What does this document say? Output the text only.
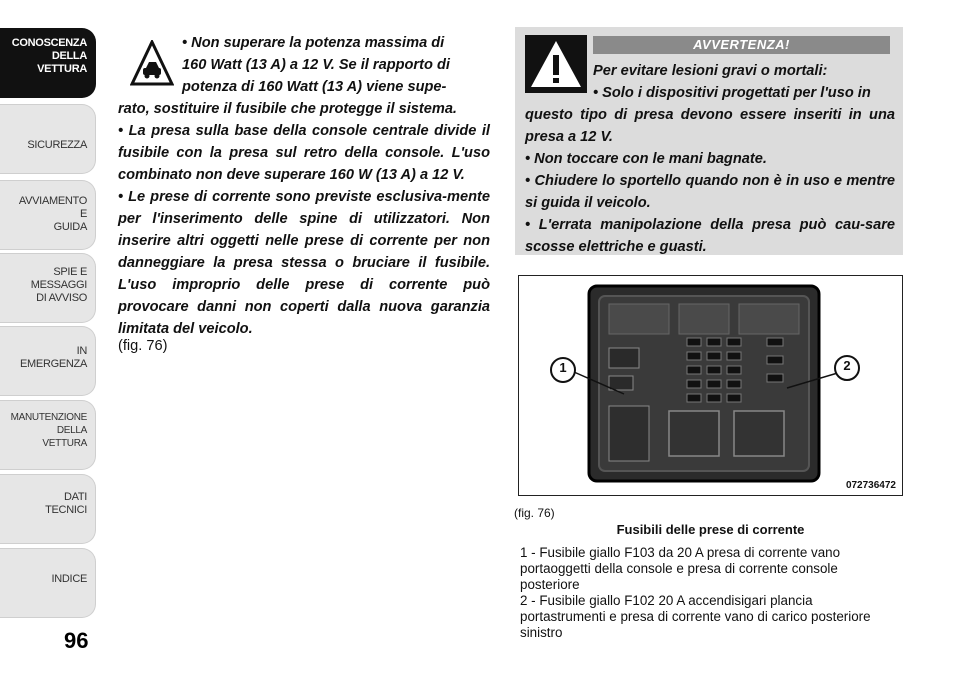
CONOSCENZA
DELLA
VETTURA
SICUREZZA
AVVIAMENTO
E
GUIDA
SPIE E
MESSAGGI
DI AVVISO
IN
EMERGENZA
MANUTENZIONE
DELLA
VETTURA
DATI
TECNICI
INDICE
96

• Non superare la potenza massima di
160 Watt (13 A) a 12 V. Se il rapporto di
potenza di 160 Watt (13 A) viene supe-
rato, sostituire il fusibile che protegge il sistema.

• La presa sulla base della console centrale divide il fusibile con la presa sul retro della console. L'uso combinato non deve superare 160 W (13 A) a 12 V.

• Le prese di corrente sono previste esclusiva-mente per l'inserimento delle spine di utilizzatori. Non inserire altri oggetti nelle prese di corrente per non danneggiare la presa stessa o bruciare il fusibile. L'uso improprio delle prese di corrente può provocare danni non coperti dalla nuova garanzia limitata del veicolo.

(fig. 76)
AVVERTENZA!

Per evitare lesioni gravi o mortali:

• Solo i dispositivi progettati per l'uso in
questo tipo di presa devono essere inseriti in una presa a 12 V.

• Non toccare con le mani bagnate.

• Chiudere lo sportello quando non è in uso e mentre si guida il veicolo.

• L'errata manipolazione della presa può cau-sare scosse elettriche e guasti.

1	2
072736472
(fig. 76)
Fusibili delle prese di corrente

1 - Fusibile giallo F103 da 20 A presa di corrente vano portaoggetti della console e presa di corrente console posteriore

2 - Fusibile giallo F102 20 A accendisigari plancia portastrumenti e presa di corrente vano di carico posteriore sinistro
